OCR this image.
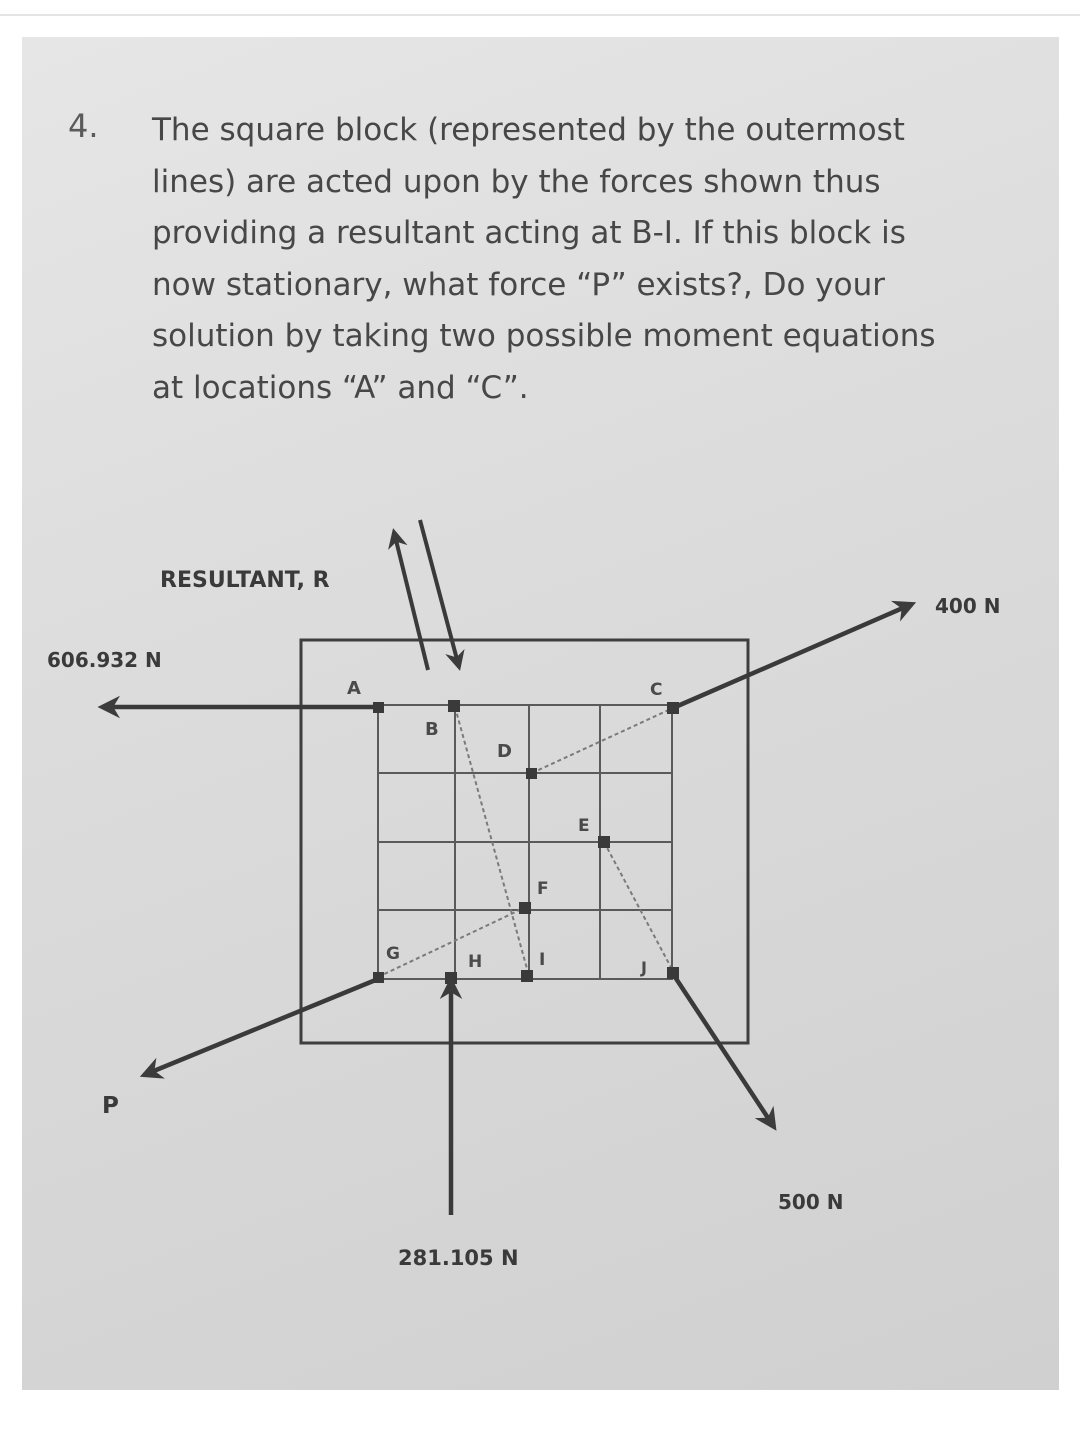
4. The square block (represented by the outermost lines) are acted upon by the forces shown thus providing a resultant acting at B-I. If this block is now stationary, what force “P” exists?, Do your solution by taking two possible moment equations at locations “A” and “C”.

RESULTANT, R
606.932 N
400 N
500 N
281.105 N
P
A
B
C
D
E
F
G	H	I	J
